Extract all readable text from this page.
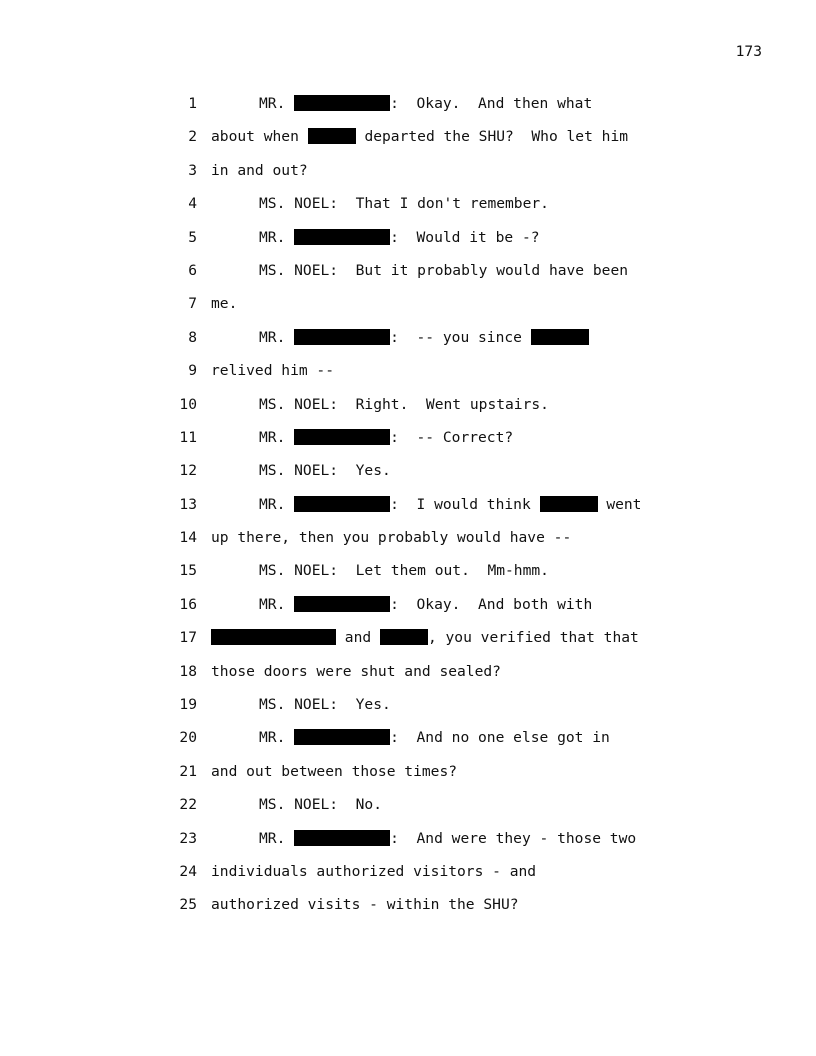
173
1	MR.	:  Okay.  And then what
2 about when	departed the SHU?  Who let him
3 in and out?
4	MS. NOEL:  That I don't remember.
5	MR.	:  Would it be -?
6	MS. NOEL:  But it probably would have been
7 me.
8	MR.	:  -- you since
9 relived him --
10	MS. NOEL:  Right.  Went upstairs.
11	MR.	:  -- Correct?
12	MS. NOEL:  Yes.
13	MR.	:  I would think	went
14 up there, then you probably would have --
15	MS. NOEL:  Let them out.  Mm-hmm.
16	MR.	:  Okay.  And both with
17	and	, you verified that that
18 those doors were shut and sealed?
19	MS. NOEL:  Yes.
20	MR.	:  And no one else got in
21 and out between those times?
22	MS. NOEL:  No.
23	MR.	:  And were they - those two
24 individuals authorized visitors - and
25 authorized visits - within the SHU?
